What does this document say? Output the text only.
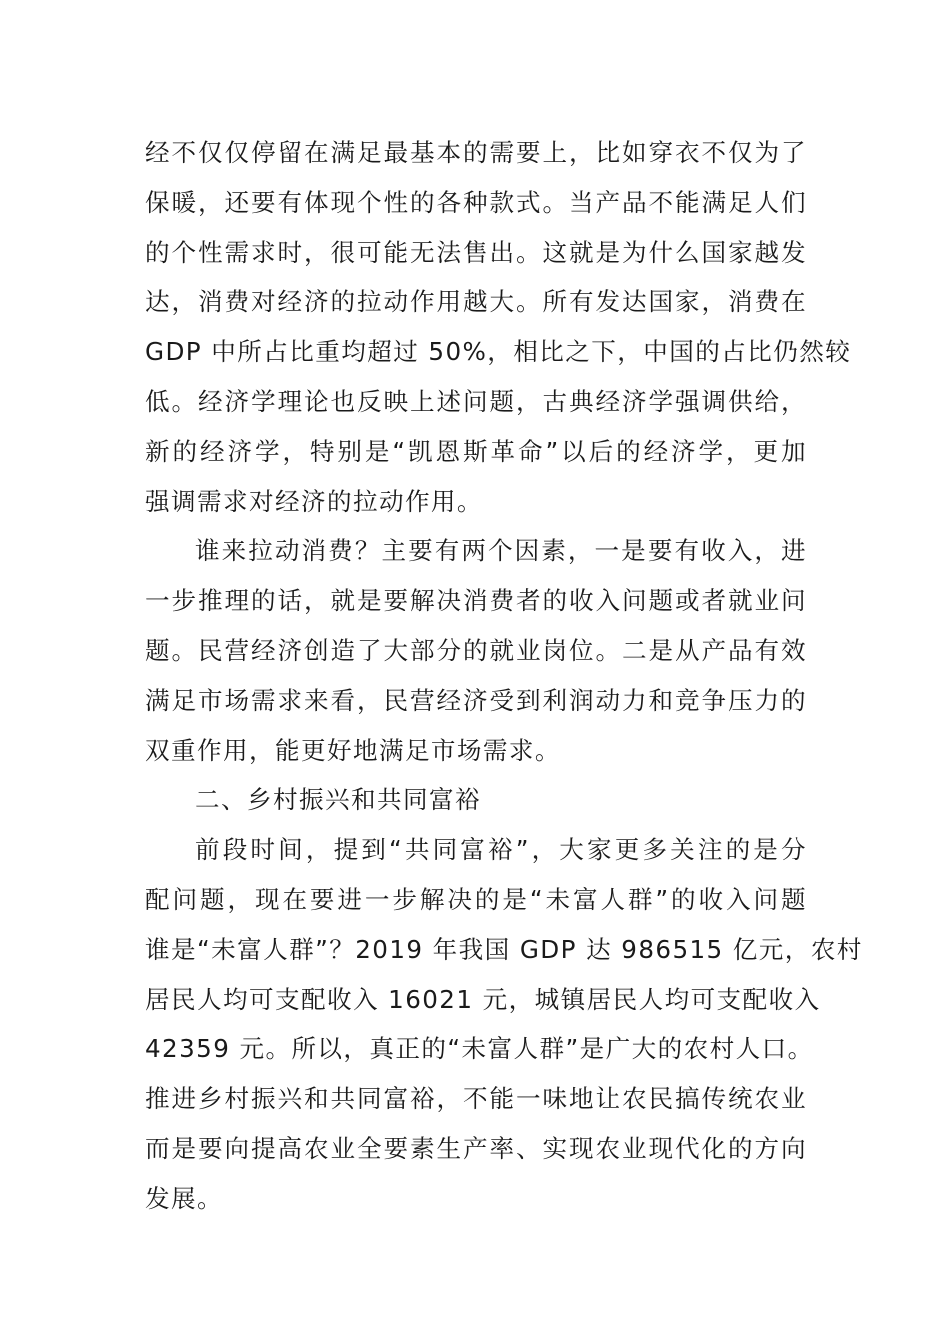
经不仅仅停留在满足最基本的需要上，比如穿衣不仅为了
保暖，还要有体现个性的各种款式。当产品不能满足人们
的个性需求时，很可能无法售出。这就是为什么国家越发
达，消费对经济的拉动作用越大。所有发达国家，消费在
GDP 中所占比重均超过 50%，相比之下，中国的占比仍然较
低。经济学理论也反映上述问题，古典经济学强调供给，
新的经济学，特别是“凯恩斯革命”以后的经济学，更加
强调需求对经济的拉动作用。
谁来拉动消费？主要有两个因素，一是要有收入，进
一步推理的话，就是要解决消费者的收入问题或者就业问
题。民营经济创造了大部分的就业岗位。二是从产品有效
满足市场需求来看，民营经济受到利润动力和竞争压力的
双重作用，能更好地满足市场需求。
二、乡村振兴和共同富裕
前段时间，提到“共同富裕”，大家更多关注的是分
配问题，现在要进一步解决的是“未富人群”的收入问题
谁是“未富人群”？2019 年我国 GDP 达 986515 亿元，农村
居民人均可支配收入 16021 元，城镇居民人均可支配收入
42359 元。所以，真正的“未富人群”是广大的农村人口。
推进乡村振兴和共同富裕，不能一味地让农民搞传统农业
而是要向提高农业全要素生产率、实现农业现代化的方向
发展。
